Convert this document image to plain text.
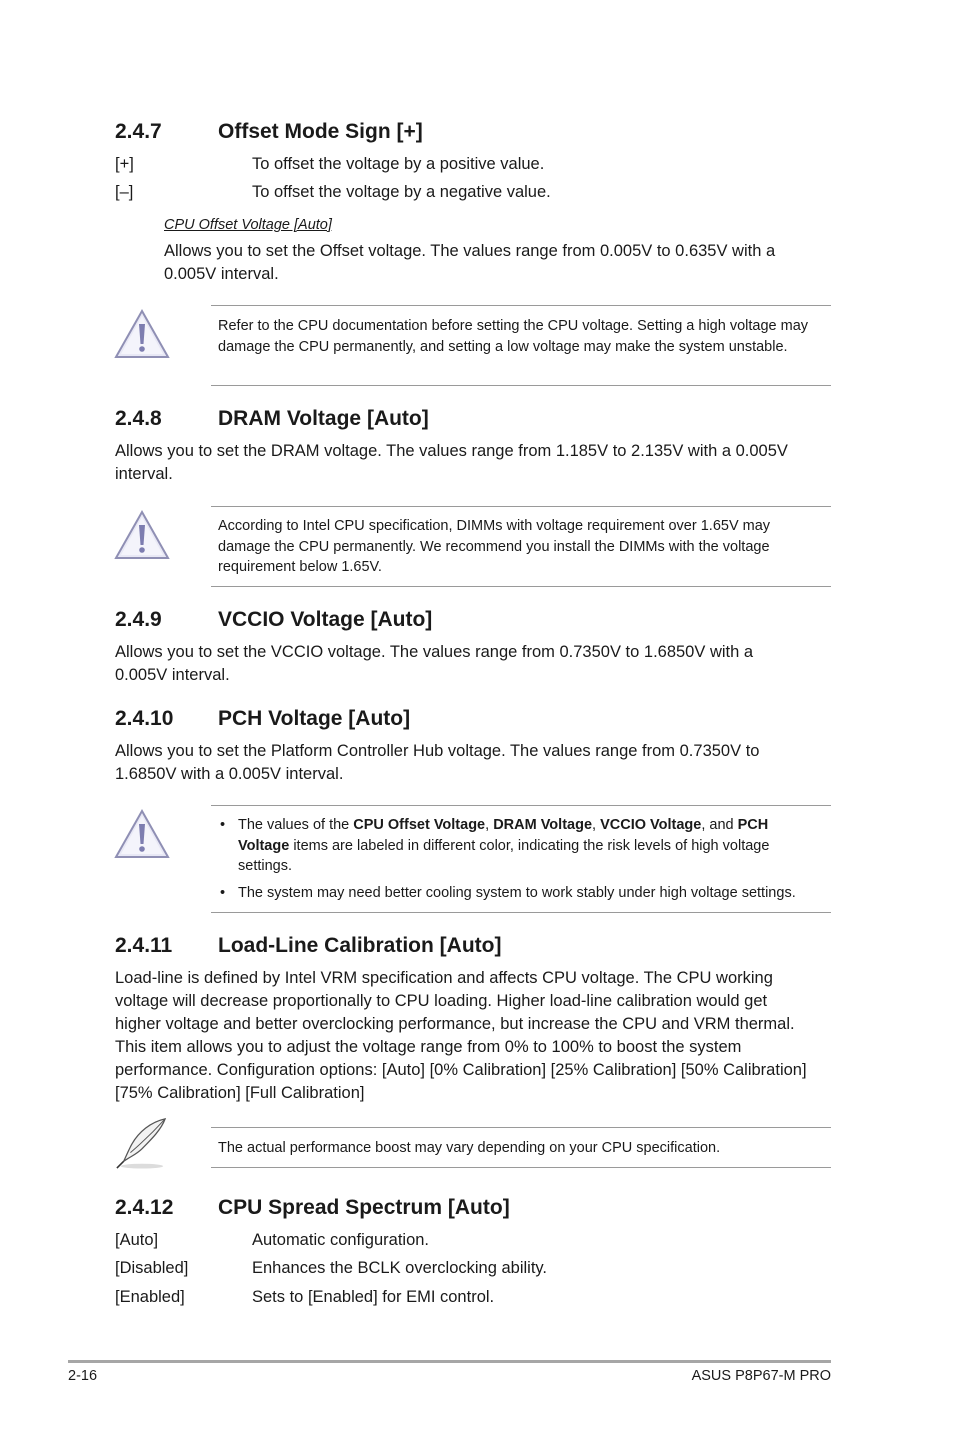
2.4.7	Offset Mode Sign [+]
[+]	To offset the voltage by a positive value.
[–]	To offset the voltage by a negative value.
CPU Offset Voltage [Auto]
Allows you to set the Offset voltage. The values range from 0.005V to 0.635V with a 0.005V interval.
Refer to the CPU documentation before setting the CPU voltage. Setting a high voltage may damage the CPU permanently, and setting a low voltage may make the system unstable.
2.4.8	DRAM Voltage [Auto]
Allows you to set the DRAM voltage. The values range from 1.185V to 2.135V with a 0.005V interval.
According to Intel CPU specification, DIMMs with voltage requirement over 1.65V may damage the CPU permanently. We recommend you install the DIMMs with the voltage requirement below 1.65V.
2.4.9	VCCIO Voltage [Auto]
Allows you to set the VCCIO voltage. The values range from 0.7350V to 1.6850V with a 0.005V interval.
2.4.10 PCH Voltage [Auto]
Allows you to set the Platform Controller Hub voltage. The values range from 0.7350V to 1.6850V with a 0.005V interval.
• The values of the CPU Offset Voltage, DRAM Voltage, VCCIO Voltage, and PCH Voltage items are labeled in different color, indicating the risk levels of high voltage settings.
• The system may need better cooling system to work stably under high voltage settings.
2.4.11 Load-Line Calibration [Auto]
Load-line is defined by Intel VRM specification and affects CPU voltage. The CPU working voltage will decrease proportionally to CPU loading. Higher load-line calibration would get higher voltage and better overclocking performance, but increase the CPU and VRM thermal. This item allows you to adjust the voltage range from 0% to 100% to boost the system performance. Configuration options: [Auto] [0% Calibration] [25% Calibration] [50% Calibration] [75% Calibration] [Full Calibration]
The actual performance boost may vary depending on your CPU specification.
2.4.12 CPU Spread Spectrum [Auto]
[Auto]	Automatic configuration.
[Disabled]	Enhances the BCLK overclocking ability.
[Enabled]	Sets to [Enabled] for EMI control.
2-16	ASUS P8P67-M PRO
